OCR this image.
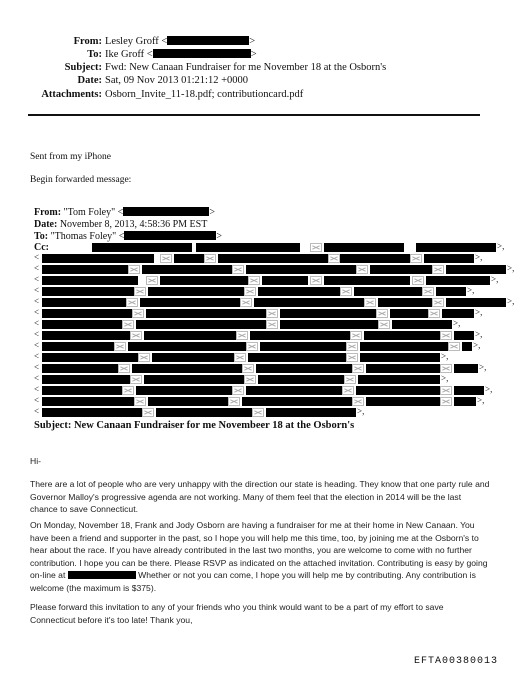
From: Lesley Groff <	>
To: Ike Groff <	>
Subject: Fwd: New Canaan Fundraiser for me November 18 at the Osborn's
Date: Sat, 09 Nov 2013 01:21:12 +0000
Attachments: Osborn_Invite_11-18.pdf; contributioncard.pdf
Sent from my iPhone
Begin forwarded message:
From: "Tom Foley" <	>
Date: November 8, 2013, 4:58:36 PM EST
To: "Thomas Foley" <	>
Cc:	>,
<	>,
<	>,
<	>,
<	>,
<	>,
<	>,
<	>,
<	>,
<	>,
<	>,
<	>,
<	>,
<	>,
<	>,
<	>,
Subject: New Canaan Fundraiser for me Novembeer 18 at the Osborn's
Hi-
There are a lot of people who are very unhappy with the direction our state is heading. They know that one party rule and Governor Malloy's progressive agenda are not working. Many of them feel that the election in 2014 will be the last chance to save Connecticut.
On Monday, November 18, Frank and Jody Osborn are having a fundraiser for me at their home in New Canaan. You have been a friend and supporter in the past, so I hope you will help me this time, too, by joining me at the Osborn's to hear about the race. If you have already contributed in the last two months, you are welcome to come with no further contribution. I hope you can be there. Please RSVP as indicated on the attached invitation. Contributing is easy by going on-line at	Whether or not you can come, I hope you will help me by contributing. Any contribution is welcome (the maximum is $375).
Please forward this invitation to any of your friends who you think would want to be a part of my effort to save Connecticut before it's too late! Thank you,
EFTA00380013
